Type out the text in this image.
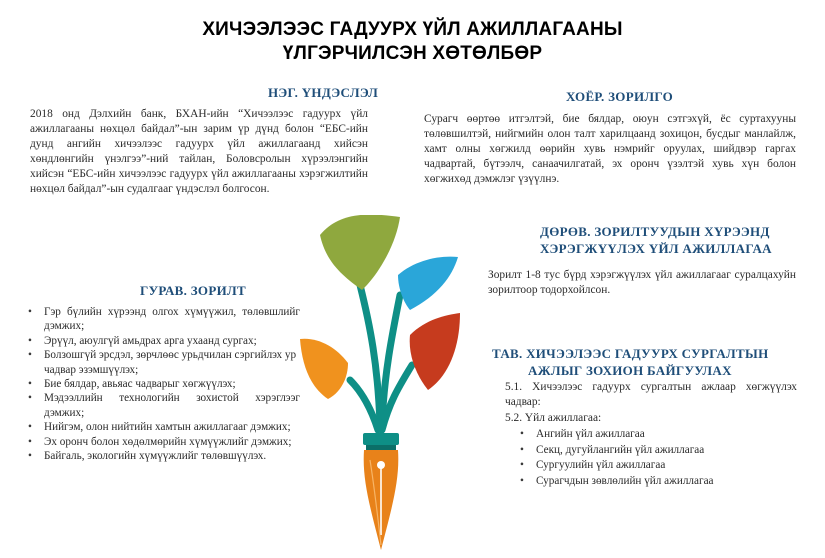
ХИЧЭЭЛЭЭС ГАДУУРХ ҮЙЛ АЖИЛЛАГААНЫ
ҮЛГЭРЧИЛСЭН ХӨТӨЛБӨР
НЭГ. ҮНДЭСЛЭЛ
2018 онд Дэлхийн банк, БХАН-ийн “Хичээлээс гадуурх үйл ажиллагааны нөхцөл байдал”-ын зарим үр дүнд болон “ЕБС-ийн дунд ангийн хичээлээс гадуурх үйл ажиллагаанд хийсэн хөндлөнгийн үнэлгээ”-ний тайлан, Боловсролын хүрээлэнгийн хийсэн “ЕБС-ийн хичээлээс гадуурх үйл ажиллагааны хэрэгжилтийн нөхцөл байдал”-ын судалгааг үндэслэл болгосон.
ХОЁР. ЗОРИЛГО
Сурагч өөртөө итгэлтэй, бие бялдар, оюун сэтгэхүй, ёс суртахууны төлөвшилтэй, нийгмийн олон талт харилцаанд зохицон, бусдыг манлайлж, хамт олны хөгжилд өөрийн хувь нэмрийг оруулах, шийдвэр гаргах чадвартай, бүтээлч, санаачилгатай, эх оронч үзэлтэй хувь хүн болон хөгжихөд дэмжлэг үзүүлнэ.
ДӨРӨВ. ЗОРИЛТУУДЫН ХҮРЭЭНД
ХЭРЭГЖҮҮЛЭХ ҮЙЛ АЖИЛЛАГАА
Зорилт 1-8 тус бүрд хэрэгжүүлэх үйл ажиллагааг суралцахуйн зорилтоор тодорхойлсон.
ГУРАВ. ЗОРИЛТ
• Гэр бүлийн хүрээнд олгох хүмүүжил, төлөвшлийг дэмжих;
• Эрүүл, аюулгүй амьдрах арга ухаанд сургах;
• Болзошгүй эрсдэл, зөрчлөөс урьдчилан сэргийлэх ур
чадвар эзэмшүүлэх;
• Бие бялдар, авьяас чадварыг хөгжүүлэх;
• Мэдээллийн технологийн зохистой хэрэглээг дэмжих;
• Нийгэм, олон нийтийн хамтын ажиллагааг дэмжих;
• Эх оронч болон хөдөлмөрийн хүмүүжлийг дэмжих;
• Байгаль, экологийн хүмүүжлийг төлөвшүүлэх.
ТАВ. ХИЧЭЭЛЭЭС ГАДУУРХ СУРГАЛТЫН
АЖЛЫГ ЗОХИОН БАЙГУУЛАХ
5.1. Хичээлээс гадуурх сургалтын ажлаар хөгжүүлэх чадвар:
5.2. Үйл ажиллагаа:
• Ангийн үйл ажиллагаа
• Секц, дугуйлангийн үйл ажиллагаа
• Сургуулийн үйл ажиллагаа
• Сурагчдын зөвлөлийн үйл ажиллагаа
